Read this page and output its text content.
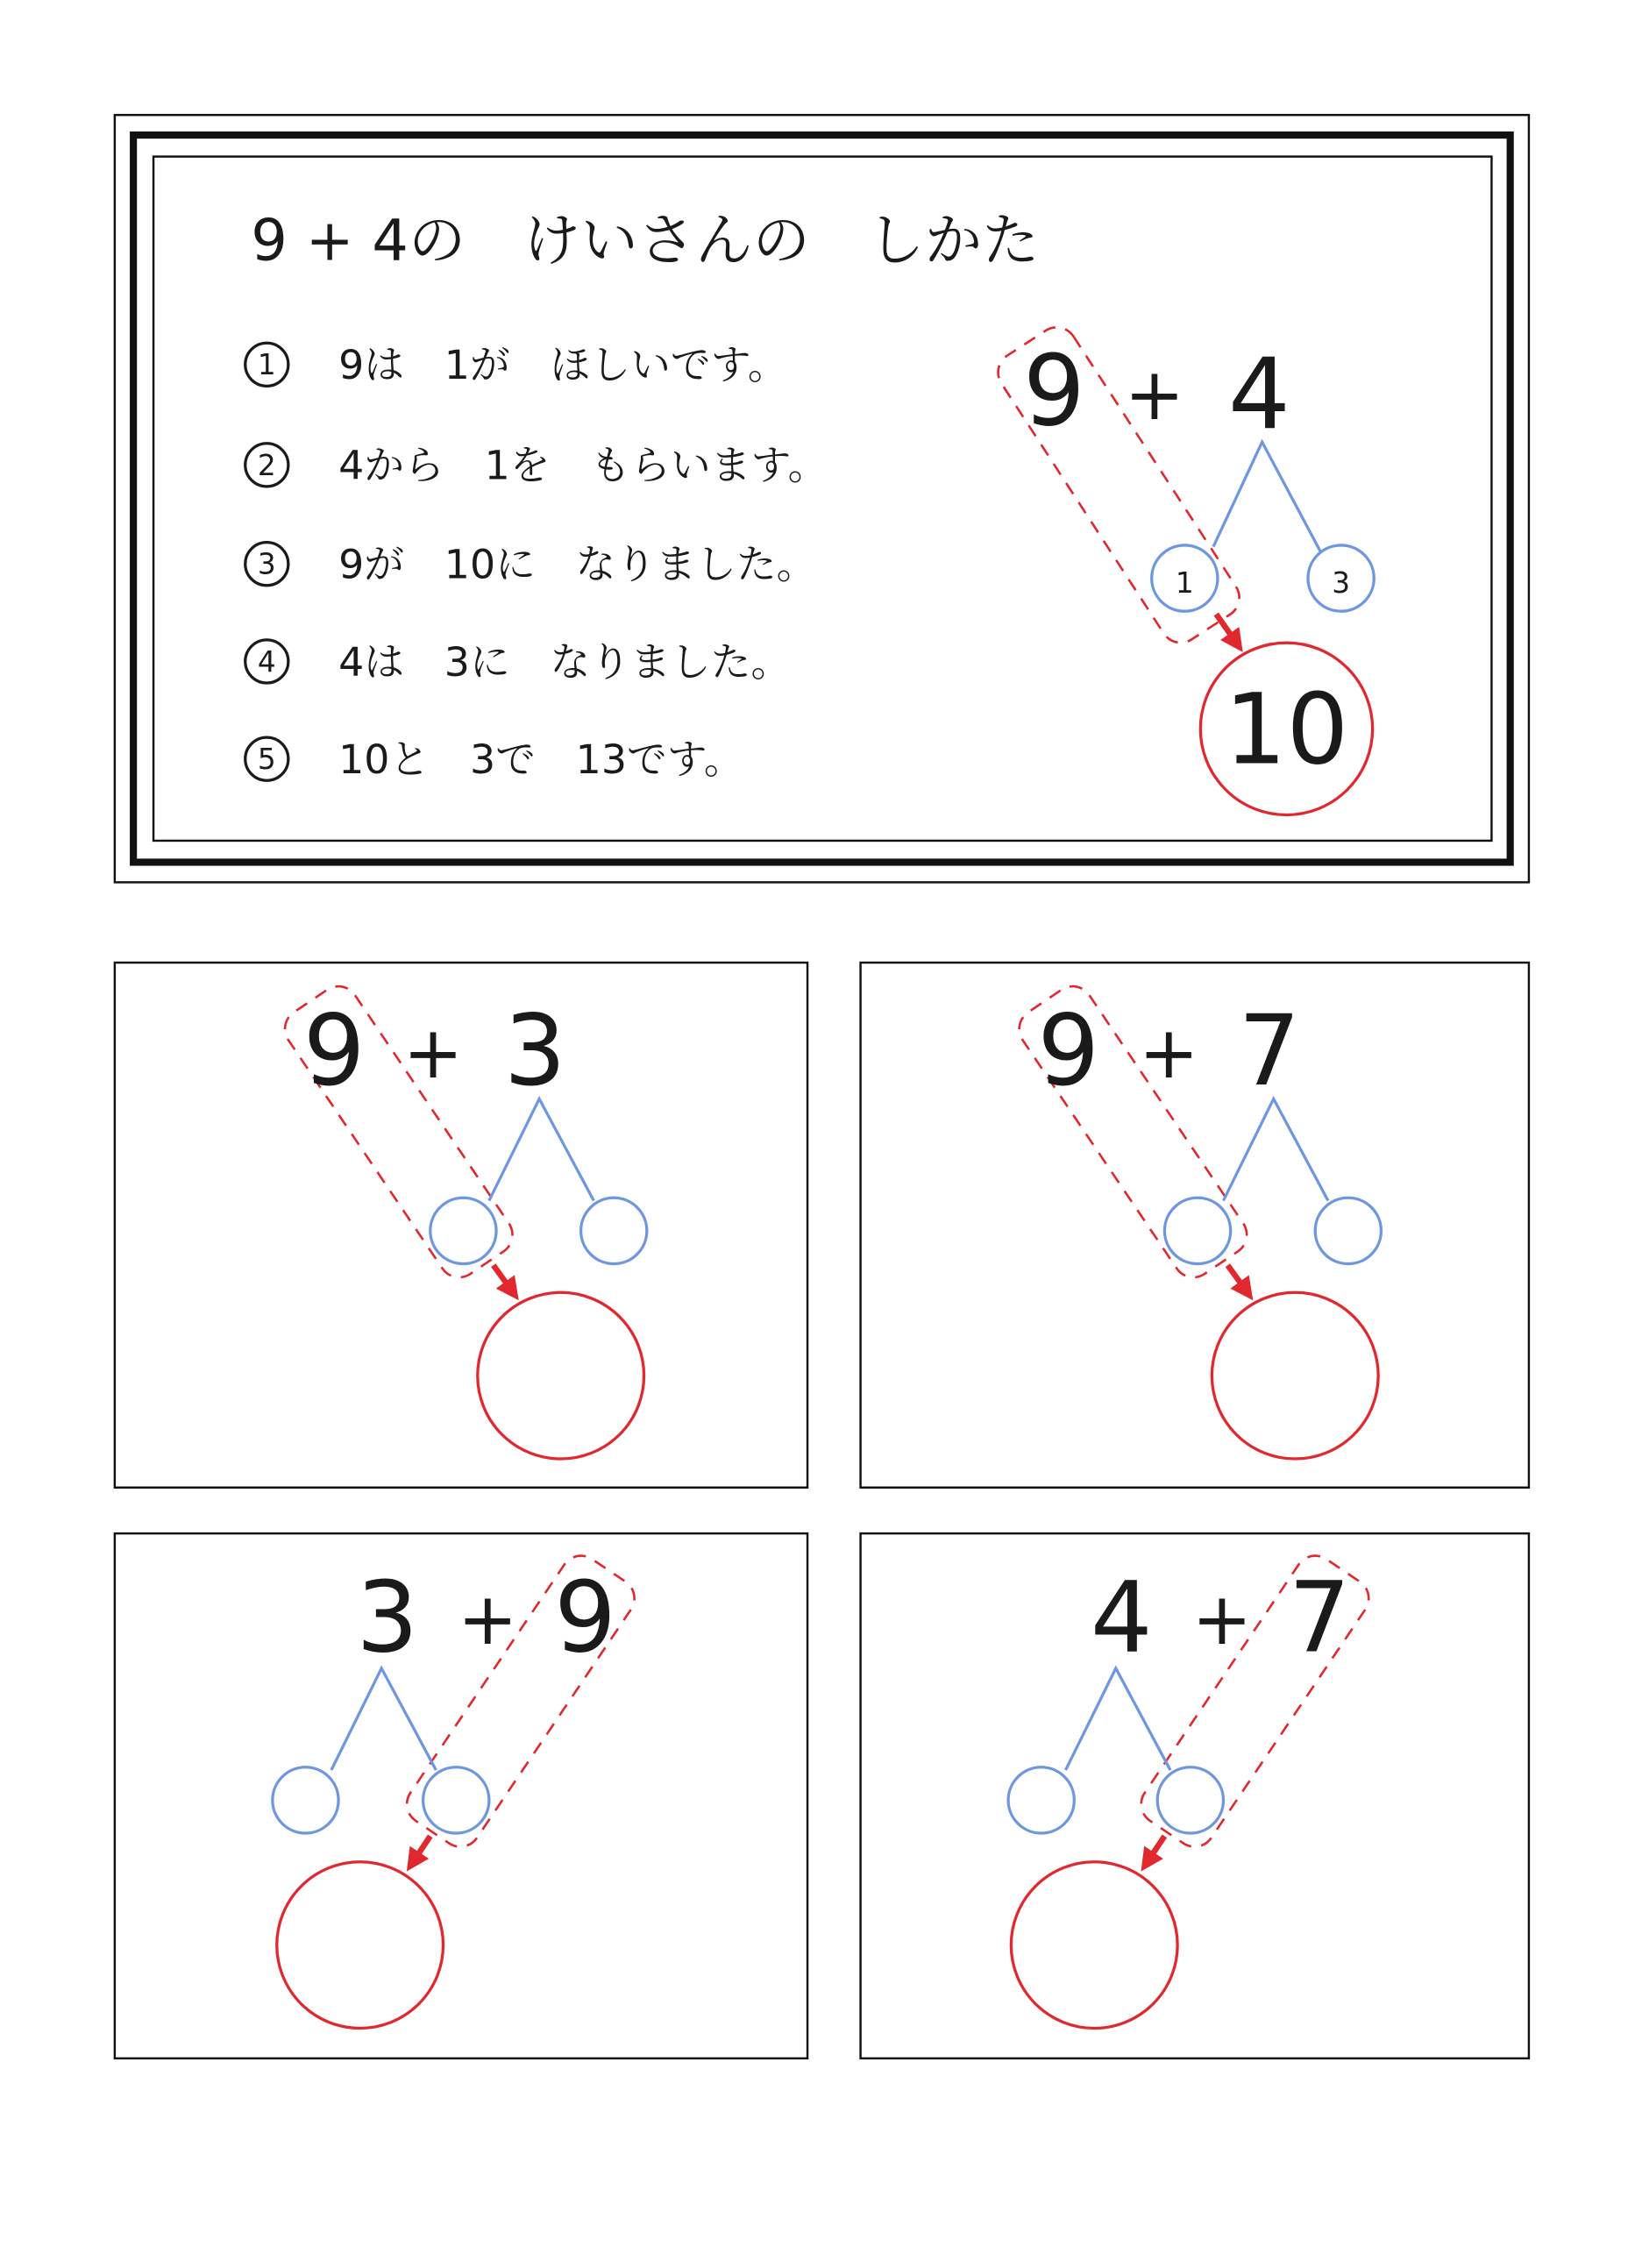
9 + 4の　けいさんの　しかた
1	9は　1が　ほしいです。
2	4から　1を　もらいます。
3	9が　10に　なりました。
4	4は　3に　なりました。
5	10と　3で　13です。
9 + 4
1	3
10
9 + 3	9 + 7
3 + 9	4 + 7
